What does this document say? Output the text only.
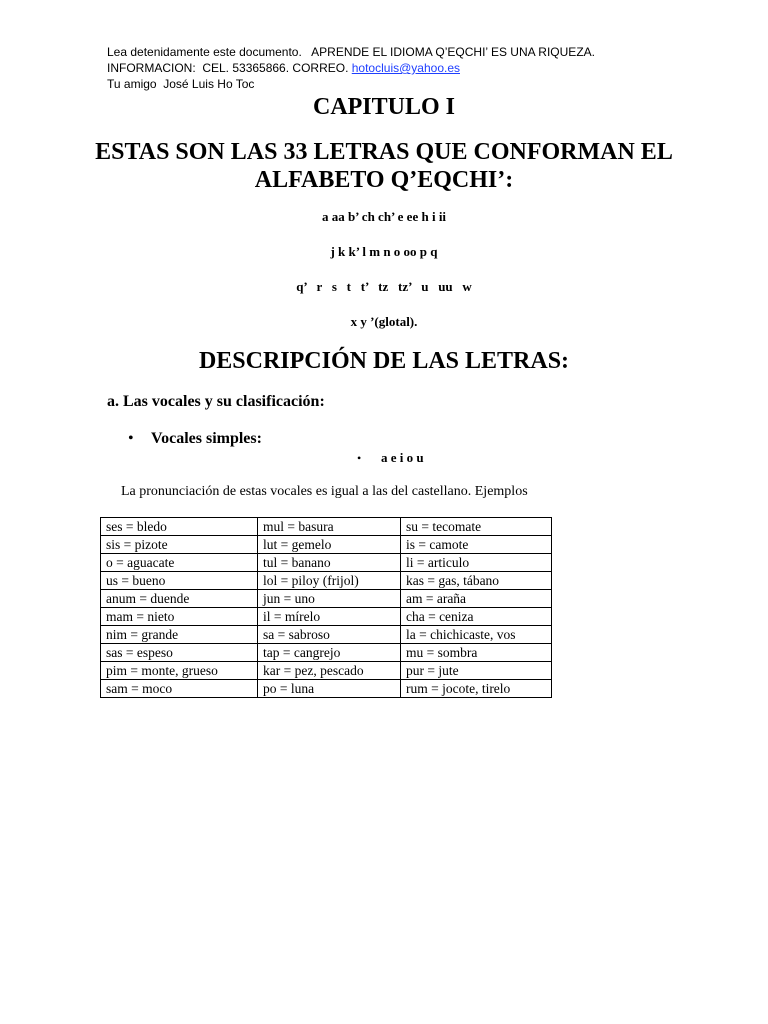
Lea detenidamente este documento.   APRENDE EL IDIOMA Q’EQCHI’ ES UNA RIQUEZA.
INFORMACION:  CEL. 53365866. CORREO. hotocluis@yahoo.es
Tu amigo  José Luis Ho Toc
CAPITULO I
ESTAS SON LAS 33 LETRAS QUE CONFORMAN EL
ALFABETO Q’EQCHI’:
a aa b’ ch ch’ e ee h i ii
j k k’ l m n o oo p q
q’   r   s   t   t’   tz   tz’   u   uu   w
x y ’(glotal).
DESCRIPCIÓN DE LAS LETRAS:
a. Las vocales y su clasificación:
• Vocales simples:
• a e i o u
La pronunciación de estas vocales es igual a las del castellano. Ejemplos
ses = bledo	mul = basura	su = tecomate
sis = pizote	lut = gemelo	is = camote
o = aguacate	tul = banano	li = articulo
us = bueno	lol = piloy (frijol)	kas = gas, tábano
anum = duende	jun = uno	am = araña
mam = nieto	il = mírelo	cha = ceniza
nim = grande	sa = sabroso	la = chichicaste, vos
sas = espeso	tap = cangrejo	mu = sombra
pim = monte, grueso	kar = pez, pescado	pur = jute
sam = moco	po = luna	rum = jocote, tirelo
